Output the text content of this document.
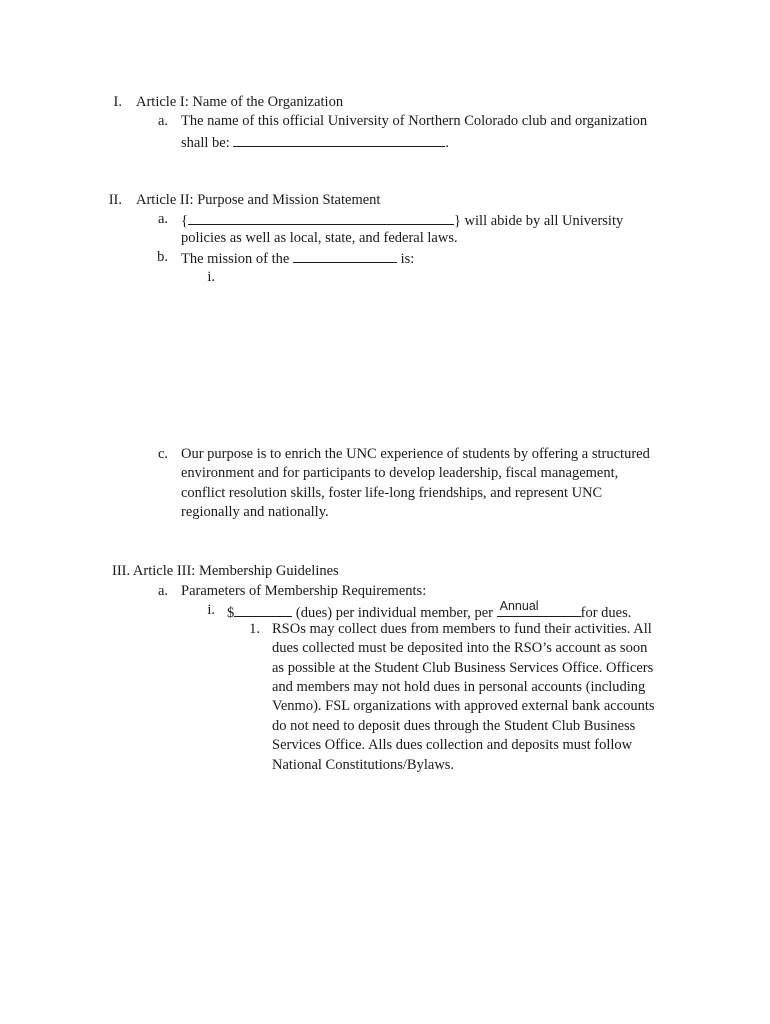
I. Article I: Name of the Organization
a. The name of this official University of Northern Colorado club and organization
shall be:	.
II. Article II: Purpose and Mission Statement
a. {	} will abide by all University
policies as well as local, state, and federal laws.
b. The mission of the	is:
i.
c. Our purpose is to enrich the UNC experience of students by offering a structured
environment and for participants to develop leadership, fiscal management,
conflict resolution skills, foster life-long friendships, and represent UNC
regionally and nationally.
III. Article III: Membership Guidelines
a. Parameters of Membership Requirements:
i. $	(dues) per individual member, per Annual	for dues.
1. RSOs may collect dues from members to fund their activities. All
dues collected must be deposited into the RSO’s account as soon
as possible at the Student Club Business Services Office. Officers
and members may not hold dues in personal accounts (including
Venmo). FSL organizations with approved external bank accounts
do not need to deposit dues through the Student Club Business
Services Office. Alls dues collection and deposits must follow
National Constitutions/Bylaws.
